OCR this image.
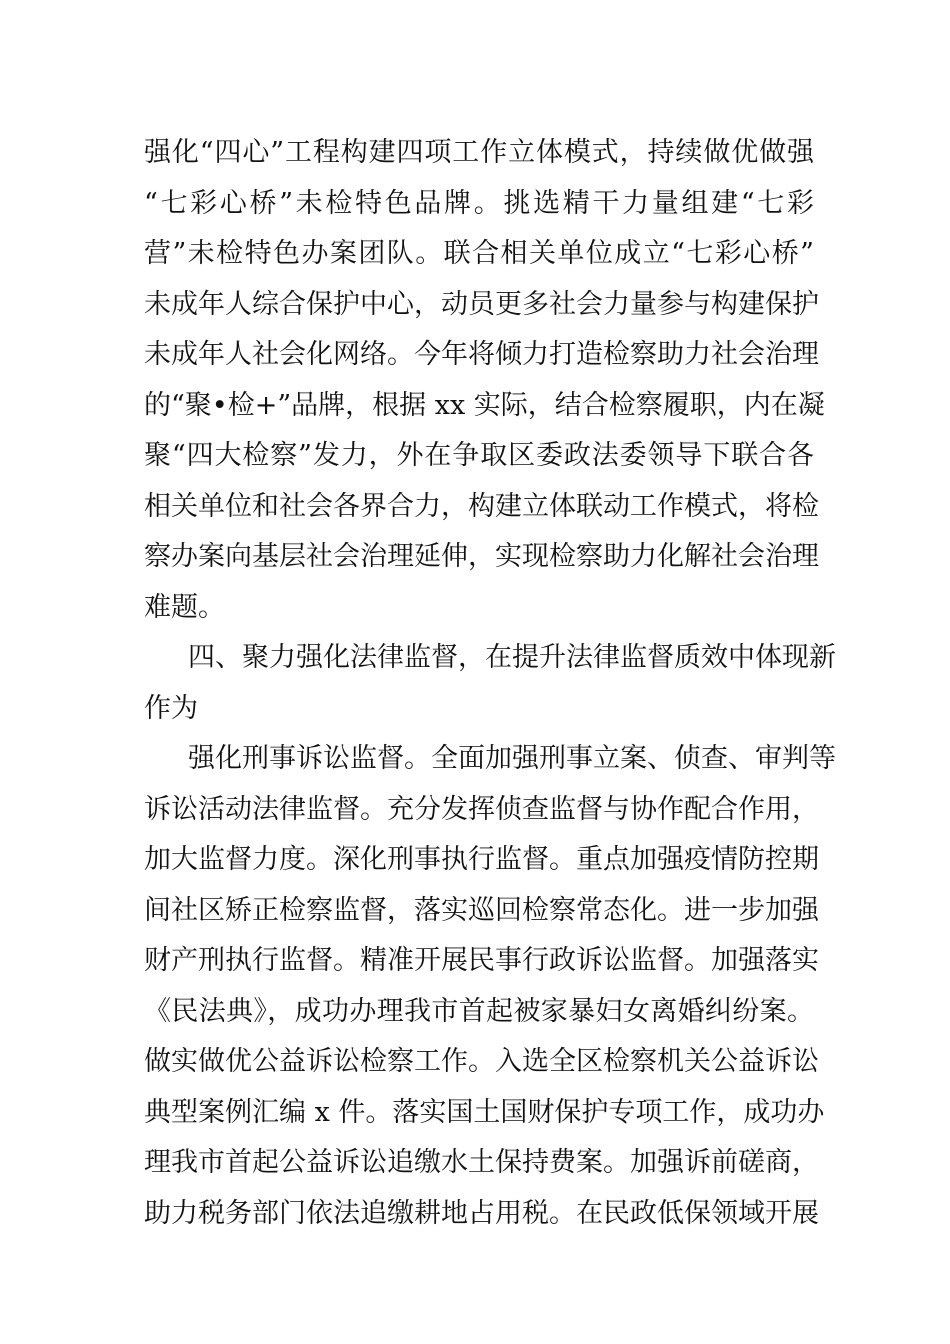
强化“四心”工程构建四项工作立体模式，持续做优做强
“七彩心桥”未检特色品牌。挑选精干力量组建“七彩
营”未检特色办案团队。联合相关单位成立“七彩心桥”
未成年人综合保护中心，动员更多社会力量参与构建保护
未成年人社会化网络。今年将倾力打造检察助力社会治理
的“聚•检+”品牌，根据 xx 实际，结合检察履职，内在凝
聚“四大检察”发力，外在争取区委政法委领导下联合各
相关单位和社会各界合力，构建立体联动工作模式，将检
察办案向基层社会治理延伸，实现检察助力化解社会治理
难题。
四、聚力强化法律监督，在提升法律监督质效中体现新
作为
强化刑事诉讼监督。全面加强刑事立案、侦查、审判等
诉讼活动法律监督。充分发挥侦查监督与协作配合作用，
加大监督力度。深化刑事执行监督。重点加强疫情防控期
间社区矫正检察监督，落实巡回检察常态化。进一步加强
财产刑执行监督。精准开展民事行政诉讼监督。加强落实
《民法典》，成功办理我市首起被家暴妇女离婚纠纷案。
做实做优公益诉讼检察工作。入选全区检察机关公益诉讼
典型案例汇编 x 件。落实国土国财保护专项工作，成功办
理我市首起公益诉讼追缴水土保持费案。加强诉前磋商，
助力税务部门依法追缴耕地占用税。在民政低保领域开展
